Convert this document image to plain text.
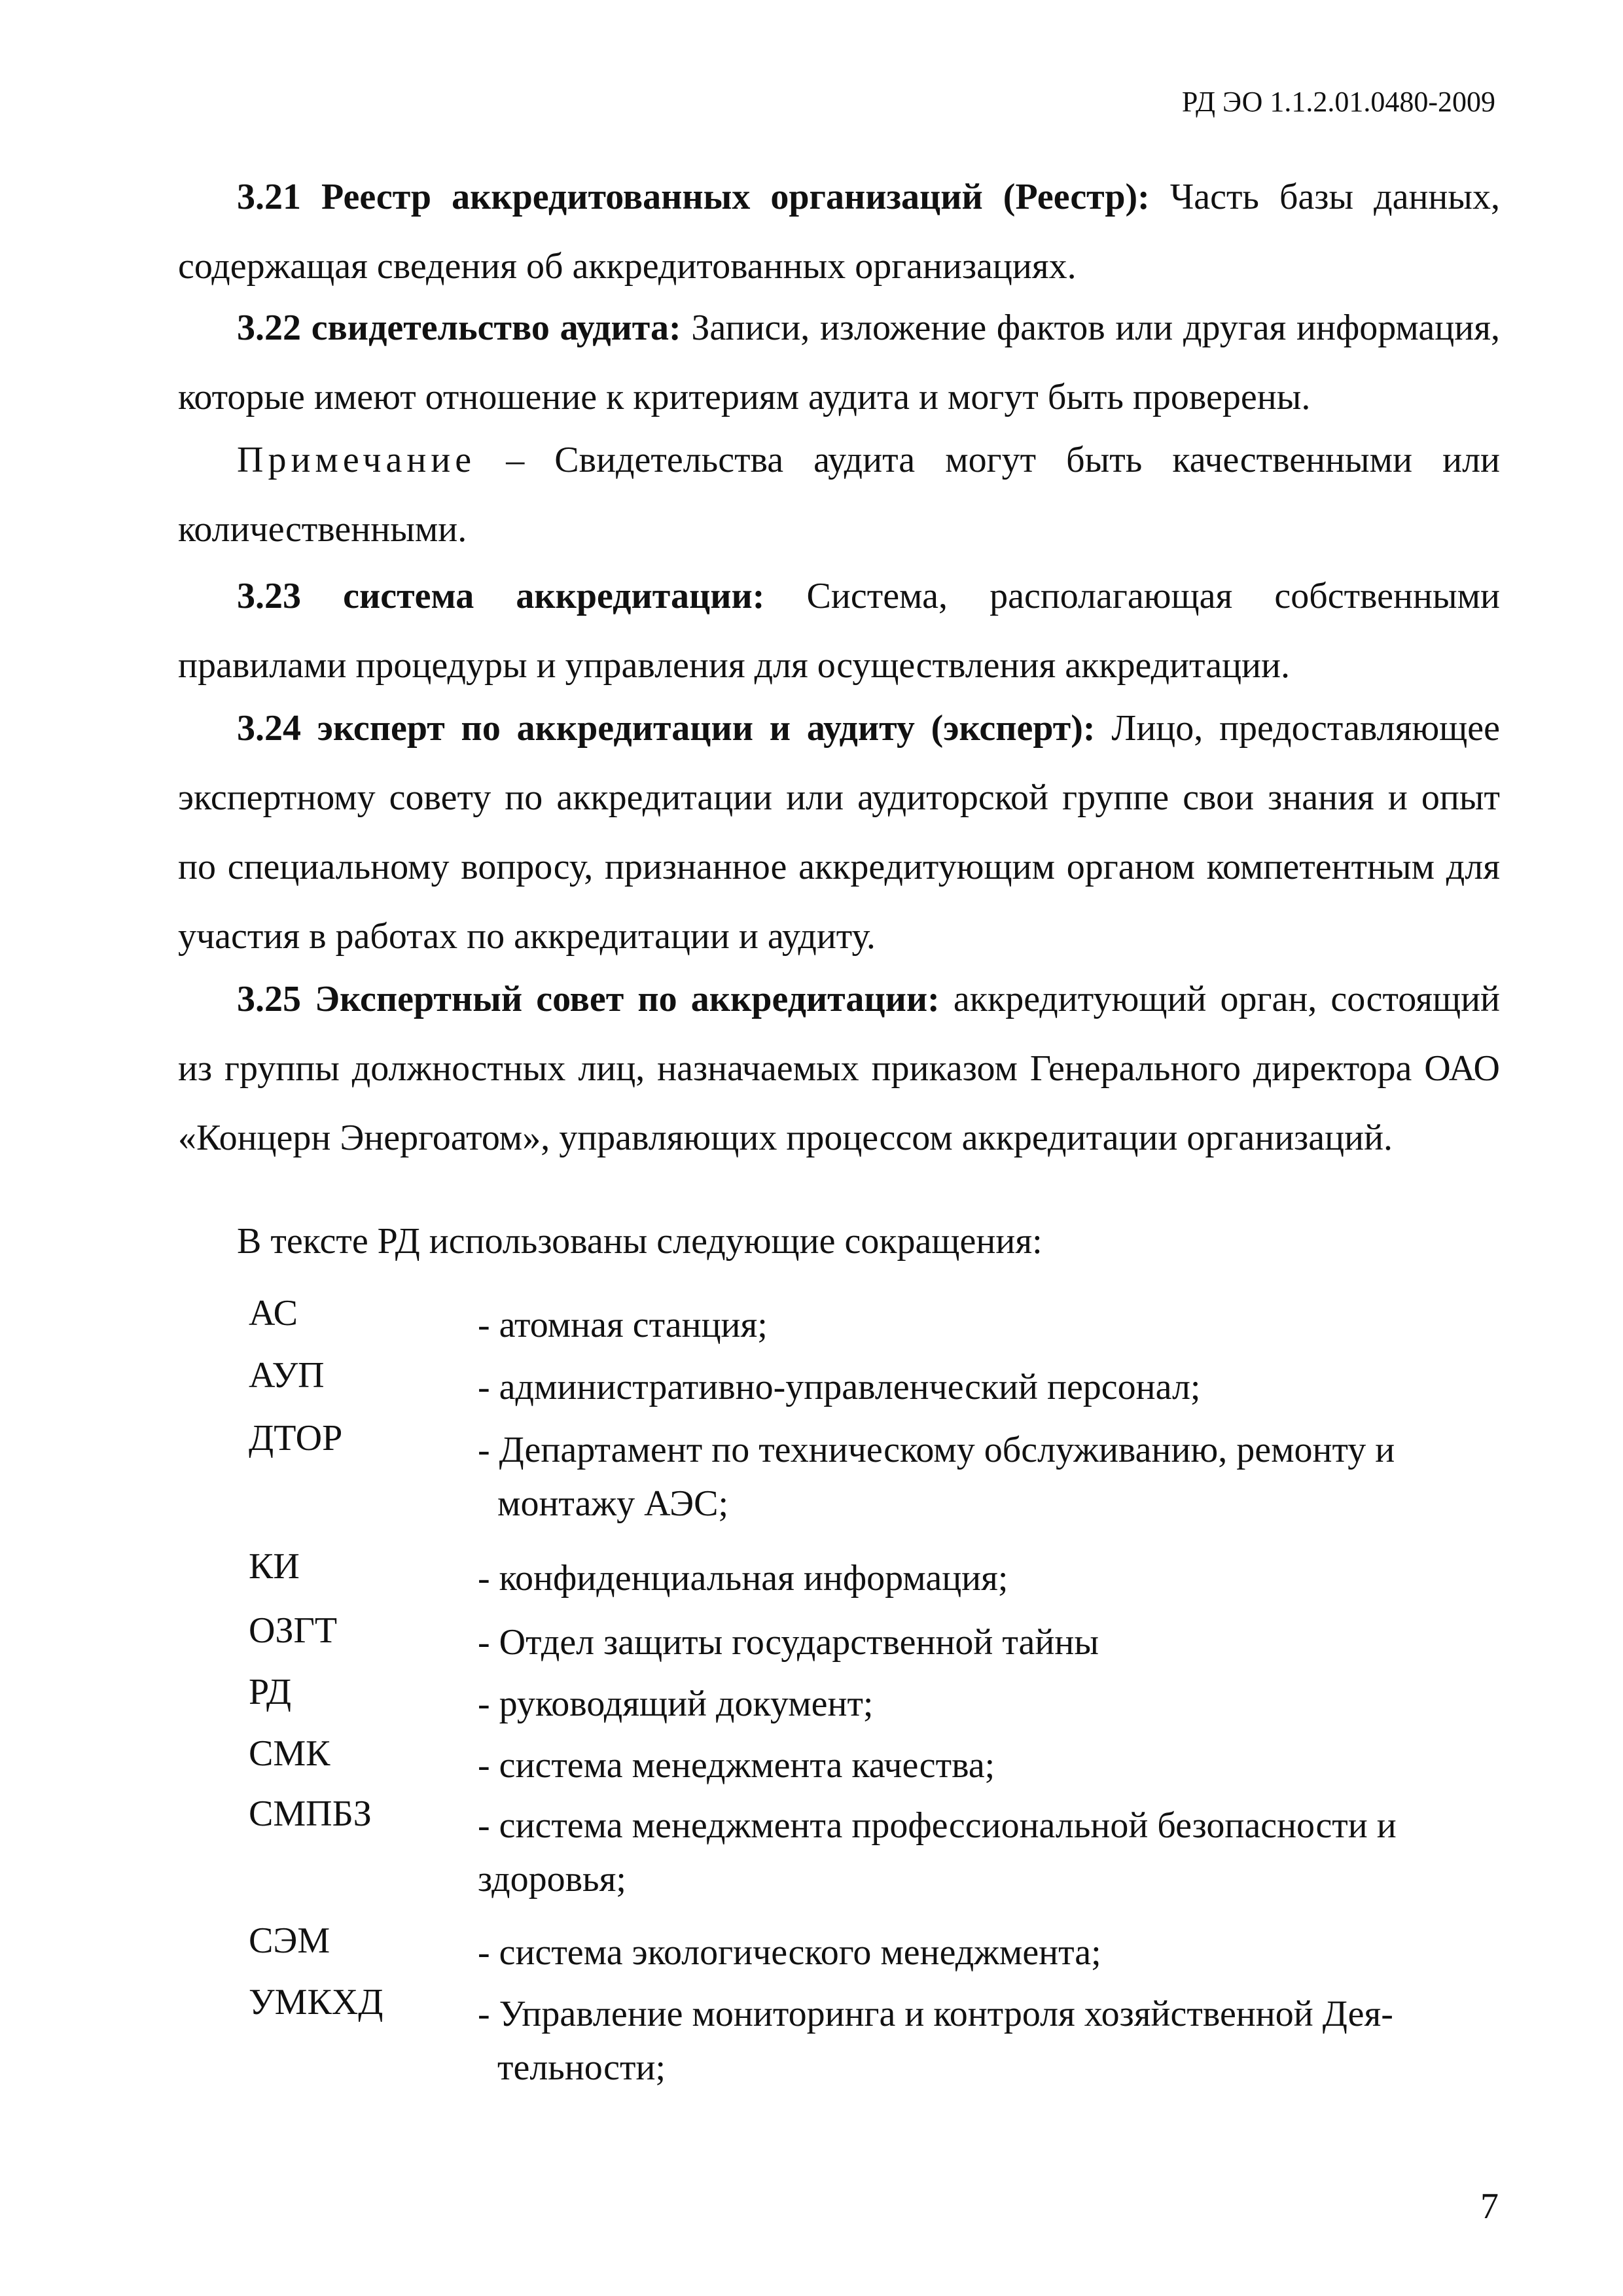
РД ЭО 1.1.2.01.0480-2009

3.21 Реестр аккредитованных организаций (Реестр): Часть базы данных, содержащая сведения об аккредитованных организациях.

3.22 свидетельство аудита: Записи, изложение фактов или другая информация, которые имеют отношение к критериям аудита и могут быть проверены.

Примечание – Свидетельства аудита могут быть качественными или количественными.

3.23 система аккредитации: Система, располагающая собственными правилами процедуры и управления для осуществления аккредитации.

3.24 эксперт по аккредитации и аудиту (эксперт): Лицо, предоставляющее экспертному совету по аккредитации или аудиторской группе свои знания и опыт по специальному вопросу, признанное аккредитующим органом компетентным для участия в работах по аккредитации и аудиту.

3.25 Экспертный совет по аккредитации: аккредитующий орган, состоящий из группы должностных лиц, назначаемых приказом Генерального директора ОАО «Концерн Энергоатом», управляющих процессом аккредитации организаций.

В тексте РД использованы следующие сокращения:

АС	- атомная станция;
АУП	- административно-управленческий персонал;
ДТОР	- Департамент по техническому обслуживанию, ремонту и
монтажу АЭС;
КИ	- конфиденциальная информация;
ОЗГТ	- Отдел защиты государственной тайны
РД	- руководящий документ;
СМК	- система менеджмента качества;
СМПБЗ	- система менеджмента профессиональной безопасности и
здоровья;
СЭМ	- система экологического менеджмента;
УМКХД	- Управление мониторинга и контроля хозяйственной Дея-
тельности;
7
